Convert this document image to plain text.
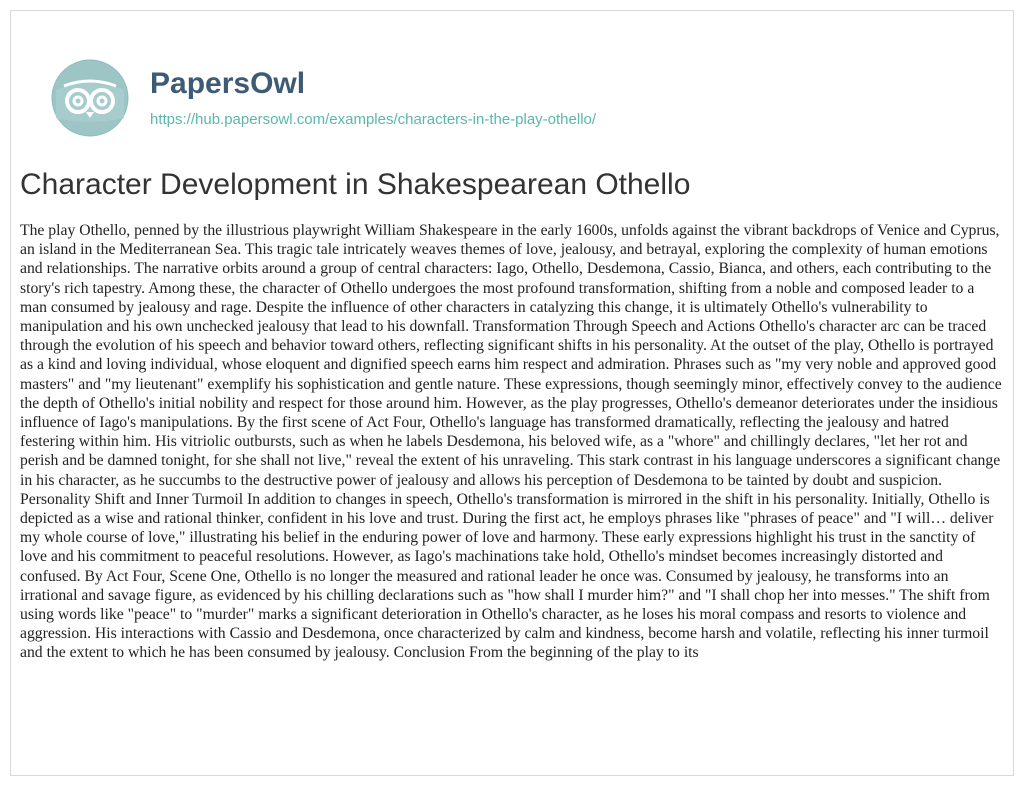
PapersOwl
https://hub.papersowl.com/examples/characters-in-the-play-othello/
Character Development in Shakespearean Othello

The play Othello, penned by the illustrious playwright William Shakespeare in the early 1600s, unfolds against the vibrant backdrops of Venice and Cyprus, an island in the Mediterranean Sea. This tragic tale intricately weaves themes of love, jealousy, and betrayal, exploring the complexity of human emotions and relationships. The narrative orbits around a group of central characters: Iago, Othello, Desdemona, Cassio, Bianca, and others, each contributing to the story's rich tapestry. Among these, the character of Othello undergoes the most profound transformation, shifting from a noble and composed leader to a man consumed by jealousy and rage. Despite the influence of other characters in catalyzing this change, it is ultimately Othello's vulnerability to manipulation and his own unchecked jealousy that lead to his downfall. Transformation Through Speech and Actions Othello's character arc can be traced through the evolution of his speech and behavior toward others, reflecting significant shifts in his personality. At the outset of the play, Othello is portrayed as a kind and loving individual, whose eloquent and dignified speech earns him respect and admiration. Phrases such as "my very noble and approved good masters" and "my lieutenant" exemplify his sophistication and gentle nature. These expressions, though seemingly minor, effectively convey to the audience the depth of Othello's initial nobility and respect for those around him. However, as the play progresses, Othello's demeanor deteriorates under the insidious influence of Iago's manipulations. By the first scene of Act Four, Othello's language has transformed dramatically, reflecting the jealousy and hatred festering within him. His vitriolic outbursts, such as when he labels Desdemona, his beloved wife, as a "whore" and chillingly declares, "let her rot and perish and be damned tonight, for she shall not live," reveal the extent of his unraveling. This stark contrast in his language underscores a significant change in his character, as he succumbs to the destructive power of jealousy and allows his perception of Desdemona to be tainted by doubt and suspicion. Personality Shift and Inner Turmoil In addition to changes in speech, Othello's transformation is mirrored in the shift in his personality. Initially, Othello is depicted as a wise and rational thinker, confident in his love and trust. During the first act, he employs phrases like "phrases of peace" and "I will… deliver my whole course of love," illustrating his belief in the enduring power of love and harmony. These early expressions highlight his trust in the sanctity of love and his commitment to peaceful resolutions. However, as Iago's machinations take hold, Othello's mindset becomes increasingly distorted and confused. By Act Four, Scene One, Othello is no longer the measured and rational leader he once was. Consumed by jealousy, he transforms into an irrational and savage figure, as evidenced by his chilling declarations such as "how shall I murder him?" and "I shall chop her into messes." The shift from using words like "peace" to "murder" marks a significant deterioration in Othello's character, as he loses his moral compass and resorts to violence and aggression. His interactions with Cassio and Desdemona, once characterized by calm and kindness, become harsh and volatile, reflecting his inner turmoil and the extent to which he has been consumed by jealousy. Conclusion From the beginning of the play to its
